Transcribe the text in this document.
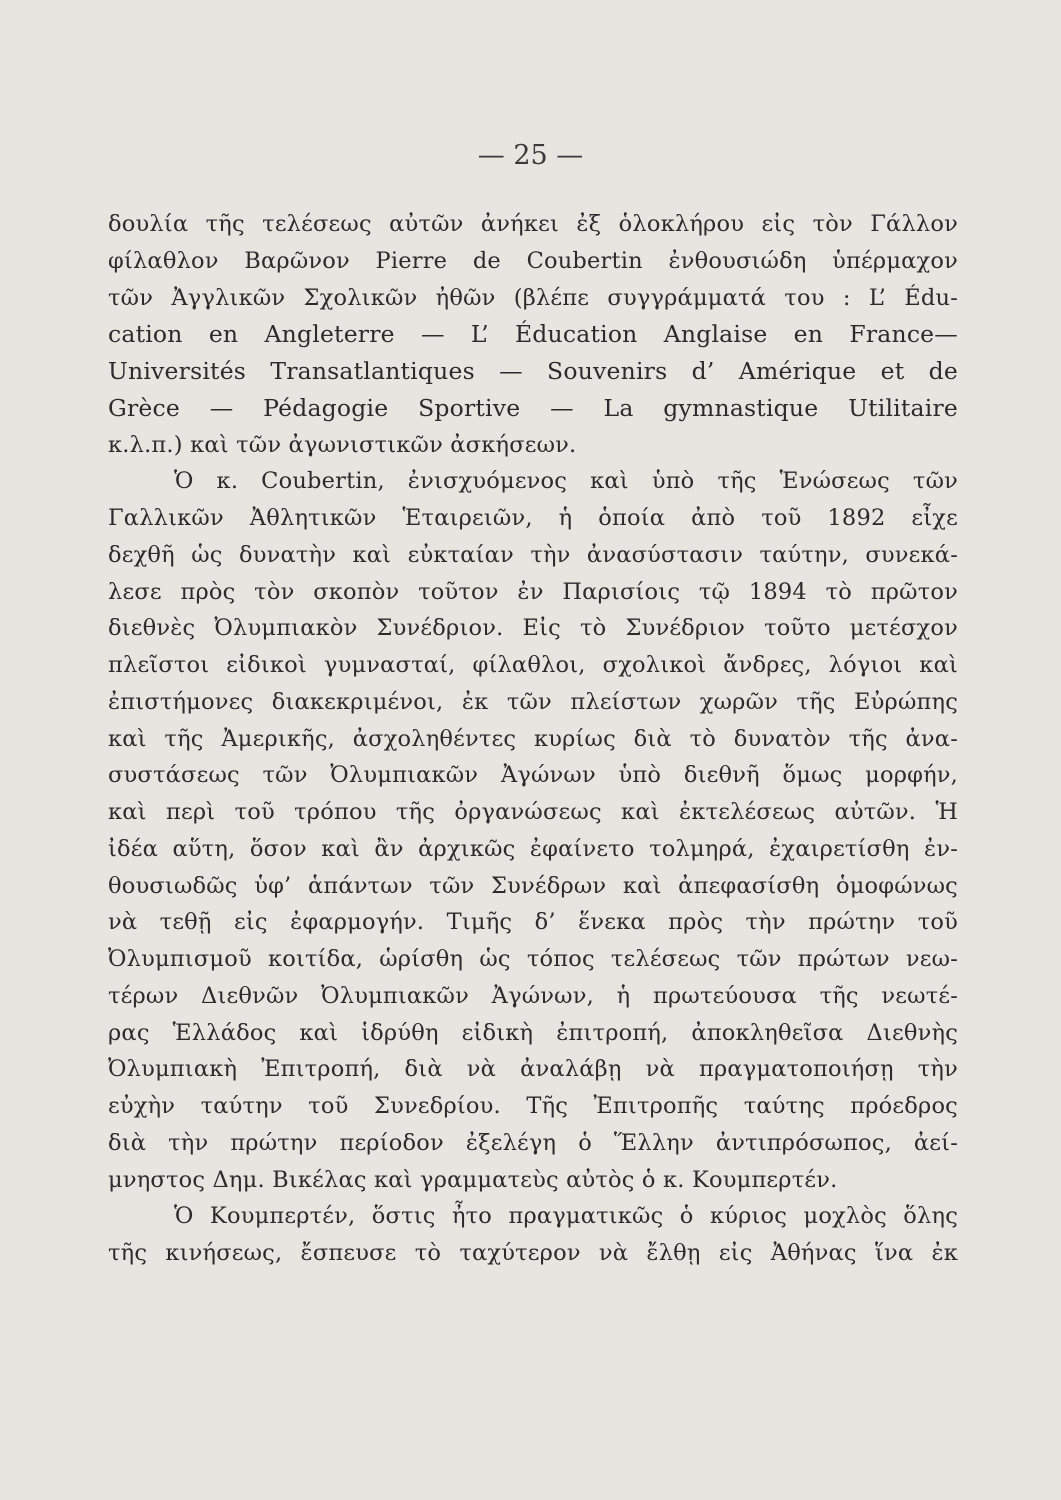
— 25 —
δουλία τῆς τελέσεως αὐτῶν ἀνήκει ἐξ ὁλοκλήρου εἰς τὸν Γάλλον
φίλαθλον Βαρῶνον Pierre de Coubertin ἐνθουσιώδη ὑπέρμαχον
τῶν Ἀγγλικῶν Σχολικῶν ἠθῶν (βλέπε συγγράμματά του : L’ Édu-
cation en Angleterre — L’ Éducation Anglaise en France—
Universités Transatlantiques — Souvenirs d’ Amérique et de
Grèce — Pédagogie Sportive — La gymnastique Utilitaire
κ.λ.π.) καὶ τῶν ἀγωνιστικῶν ἀσκήσεων.
Ὁ κ. Coubertin, ἐνισχυόμενος καὶ ὑπὸ τῆς Ἑνώσεως τῶν
Γαλλικῶν Ἀθλητικῶν Ἑταιρειῶν, ἡ ὁποία ἀπὸ τοῦ 1892 εἶχε
δεχθῆ ὡς δυνατὴν καὶ εὐκταίαν τὴν ἀνασύστασιν ταύτην, συνεκά-
λεσε πρὸς τὸν σκοπὸν τοῦτον ἐν Παρισίοις τῷ 1894 τὸ πρῶτον
διεθνὲς Ὀλυμπιακὸν Συνέδριον. Εἰς τὸ Συνέδριον τοῦτο μετέσχον
πλεῖστοι εἰδικοὶ γυμνασταί, φίλαθλοι, σχολικοὶ ἄνδρες, λόγιοι καὶ
ἐπιστήμονες διακεκριμένοι, ἐκ τῶν πλείστων χωρῶν τῆς Εὐρώπης
καὶ τῆς Ἀμερικῆς, ἀσχοληθέντες κυρίως διὰ τὸ δυνατὸν τῆς ἀνα-
συστάσεως τῶν Ὀλυμπιακῶν Ἀγώνων ὑπὸ διεθνῆ ὅμως μορφήν,
καὶ περὶ τοῦ τρόπου τῆς ὀργανώσεως καὶ ἐκτελέσεως αὐτῶν. Ἡ
ἰδέα αὕτη, ὅσον καὶ ἂν ἀρχικῶς ἐφαίνετο τολμηρά, ἐχαιρετίσθη ἐν-
θουσιωδῶς ὑφ’ ἁπάντων τῶν Συνέδρων καὶ ἀπεφασίσθη ὁμοφώνως
νὰ τεθῇ εἰς ἐφαρμογήν. Τιμῆς δ’ ἕνεκα πρὸς τὴν πρώτην τοῦ
Ὀλυμπισμοῦ κοιτίδα, ὡρίσθη ὡς τόπος τελέσεως τῶν πρώτων νεω-
τέρων Διεθνῶν Ὀλυμπιακῶν Ἀγώνων, ἡ πρωτεύουσα τῆς νεωτέ-
ρας Ἑλλάδος καὶ ἱδρύθη εἰδικὴ ἐπιτροπή, ἀποκληθεῖσα Διεθνὴς
Ὀλυμπιακὴ Ἐπιτροπή, διὰ νὰ ἀναλάβῃ νὰ πραγματοποιήσῃ τὴν
εὐχὴν ταύτην τοῦ Συνεδρίου. Τῆς Ἐπιτροπῆς ταύτης πρόεδρος
διὰ τὴν πρώτην περίοδον ἐξελέγη ὁ Ἕλλην ἀντιπρόσωπος, ἀεί-
μνηστος Δημ. Βικέλας καὶ γραμματεὺς αὐτὸς ὁ κ. Κουμπερτέν.
Ὁ Κουμπερτέν, ὅστις ἦτο πραγματικῶς ὁ κύριος μοχλὸς ὅλης
τῆς κινήσεως, ἔσπευσε τὸ ταχύτερον νὰ ἔλθῃ εἰς Ἀθήνας ἵνα ἐκ
